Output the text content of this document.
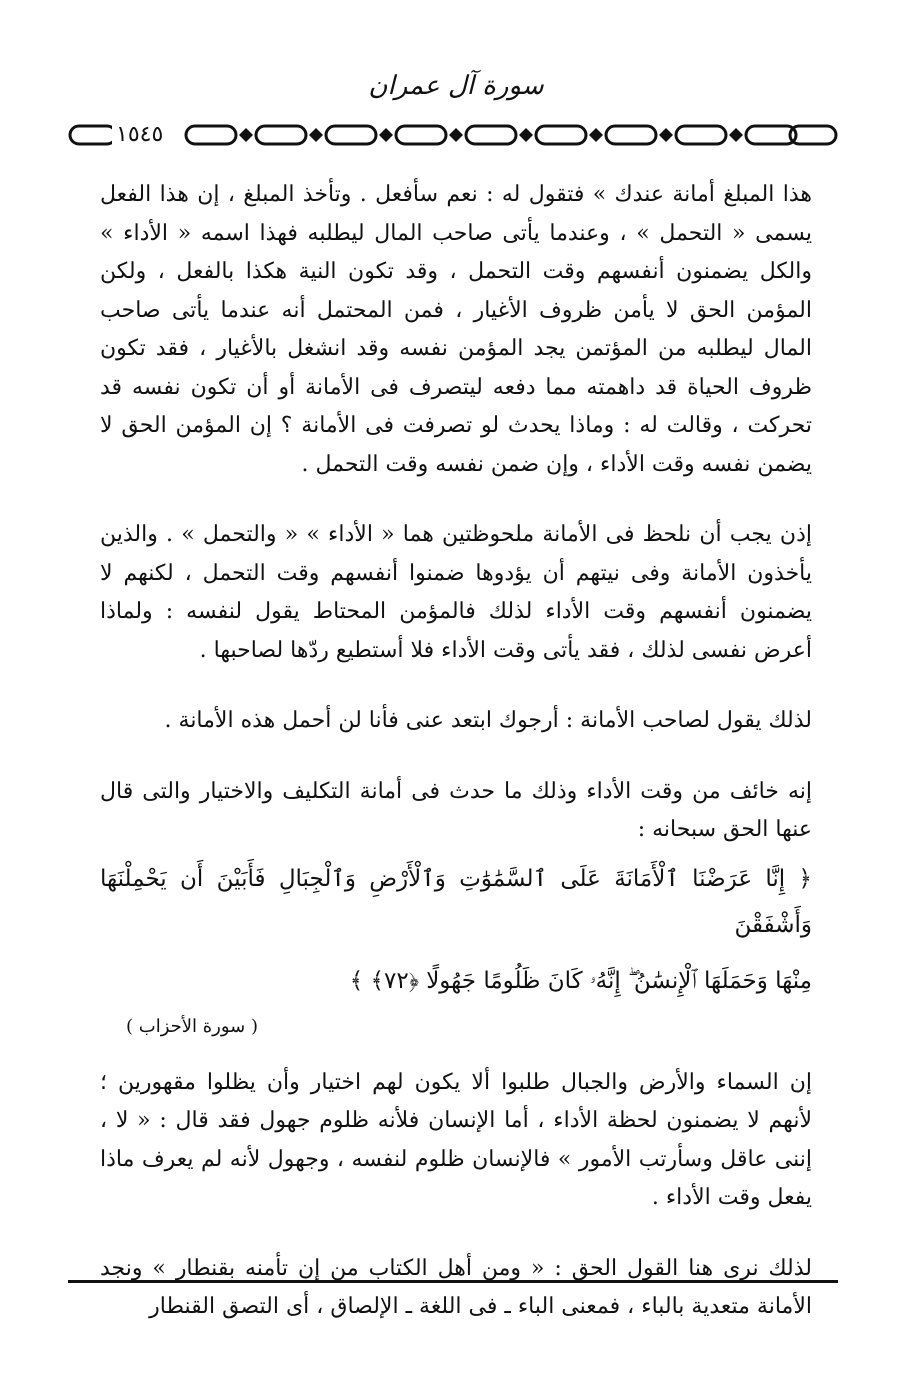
سورة آل عمران
١٥٤٥

هذا المبلغ أمانة عندك » فتقول له : نعم سأفعل . وتأخذ المبلغ ، إن هذا الفعل يسمى « التحمل » ، وعندما يأتى صاحب المال ليطلبه فهذا اسمه « الأداء » والكل يضمنون أنفسهم وقت التحمل ، وقد تكون النية هكذا بالفعل ، ولكن المؤمن الحق لا يأمن ظروف الأغيار ، فمن المحتمل أنه عندما يأتى صاحب المال ليطلبه من المؤتمن يجد المؤمن نفسه وقد انشغل بالأغيار ، فقد تكون ظروف الحياة قد داهمته مما دفعه ليتصرف فى الأمانة أو أن تكون نفسه قد تحركت ، وقالت له : وماذا يحدث لو تصرفت فى الأمانة ؟ إن المؤمن الحق لا يضمن نفسه وقت الأداء ، وإن ضمن نفسه وقت التحمل .

إذن يجب أن نلحظ فى الأمانة ملحوظتين هما « الأداء » « والتحمل » . والذين يأخذون الأمانة وفى نيتهم أن يؤدوها ضمنوا أنفسهم وقت التحمل ، لكنهم لا يضمنون أنفسهم وقت الأداء لذلك فالمؤمن المحتاط يقول لنفسه : ولماذا أعرض نفسى لذلك ، فقد يأتى وقت الأداء فلا أستطيع ردّها لصاحبها .

لذلك يقول لصاحب الأمانة : أرجوك ابتعد عنى فأنا لن أحمل هذه الأمانة .

إنه خائف من وقت الأداء وذلك ما حدث فى أمانة التكليف والاختيار والتى قال عنها الحق سبحانه :

﴿ إِنَّا عَرَضْنَا ٱلْأَمَانَةَ عَلَى ٱلسَّمَٰوَٰتِ وَٱلْأَرْضِ وَٱلْجِبَالِ فَأَبَيْنَ أَن يَحْمِلْنَهَا وَأَشْفَقْنَ
مِنْهَا وَحَمَلَهَا ٱلْإِنسَٰنُ ۖ إِنَّهُۥ كَانَ ظَلُومًا جَهُولًا ﴿٧٢﴾ ﴾
( سورة الأحزاب )

إن السماء والأرض والجبال طلبوا ألا يكون لهم اختيار وأن يظلوا مقهورين ؛ لأنهم لا يضمنون لحظة الأداء ، أما الإنسان فلأنه ظلوم جهول فقد قال : « لا ، إننى عاقل وسأرتب الأمور » فالإنسان ظلوم لنفسه ، وجهول لأنه لم يعرف ماذا يفعل وقت الأداء .

لذلك نرى هنا القول الحق : « ومن أهل الكتاب من إن تأمنه بقنطار » ونجد الأمانة متعدية بالباء ، فمعنى الباء ـ فى اللغة ـ الإلصاق ، أى التصق القنطار
